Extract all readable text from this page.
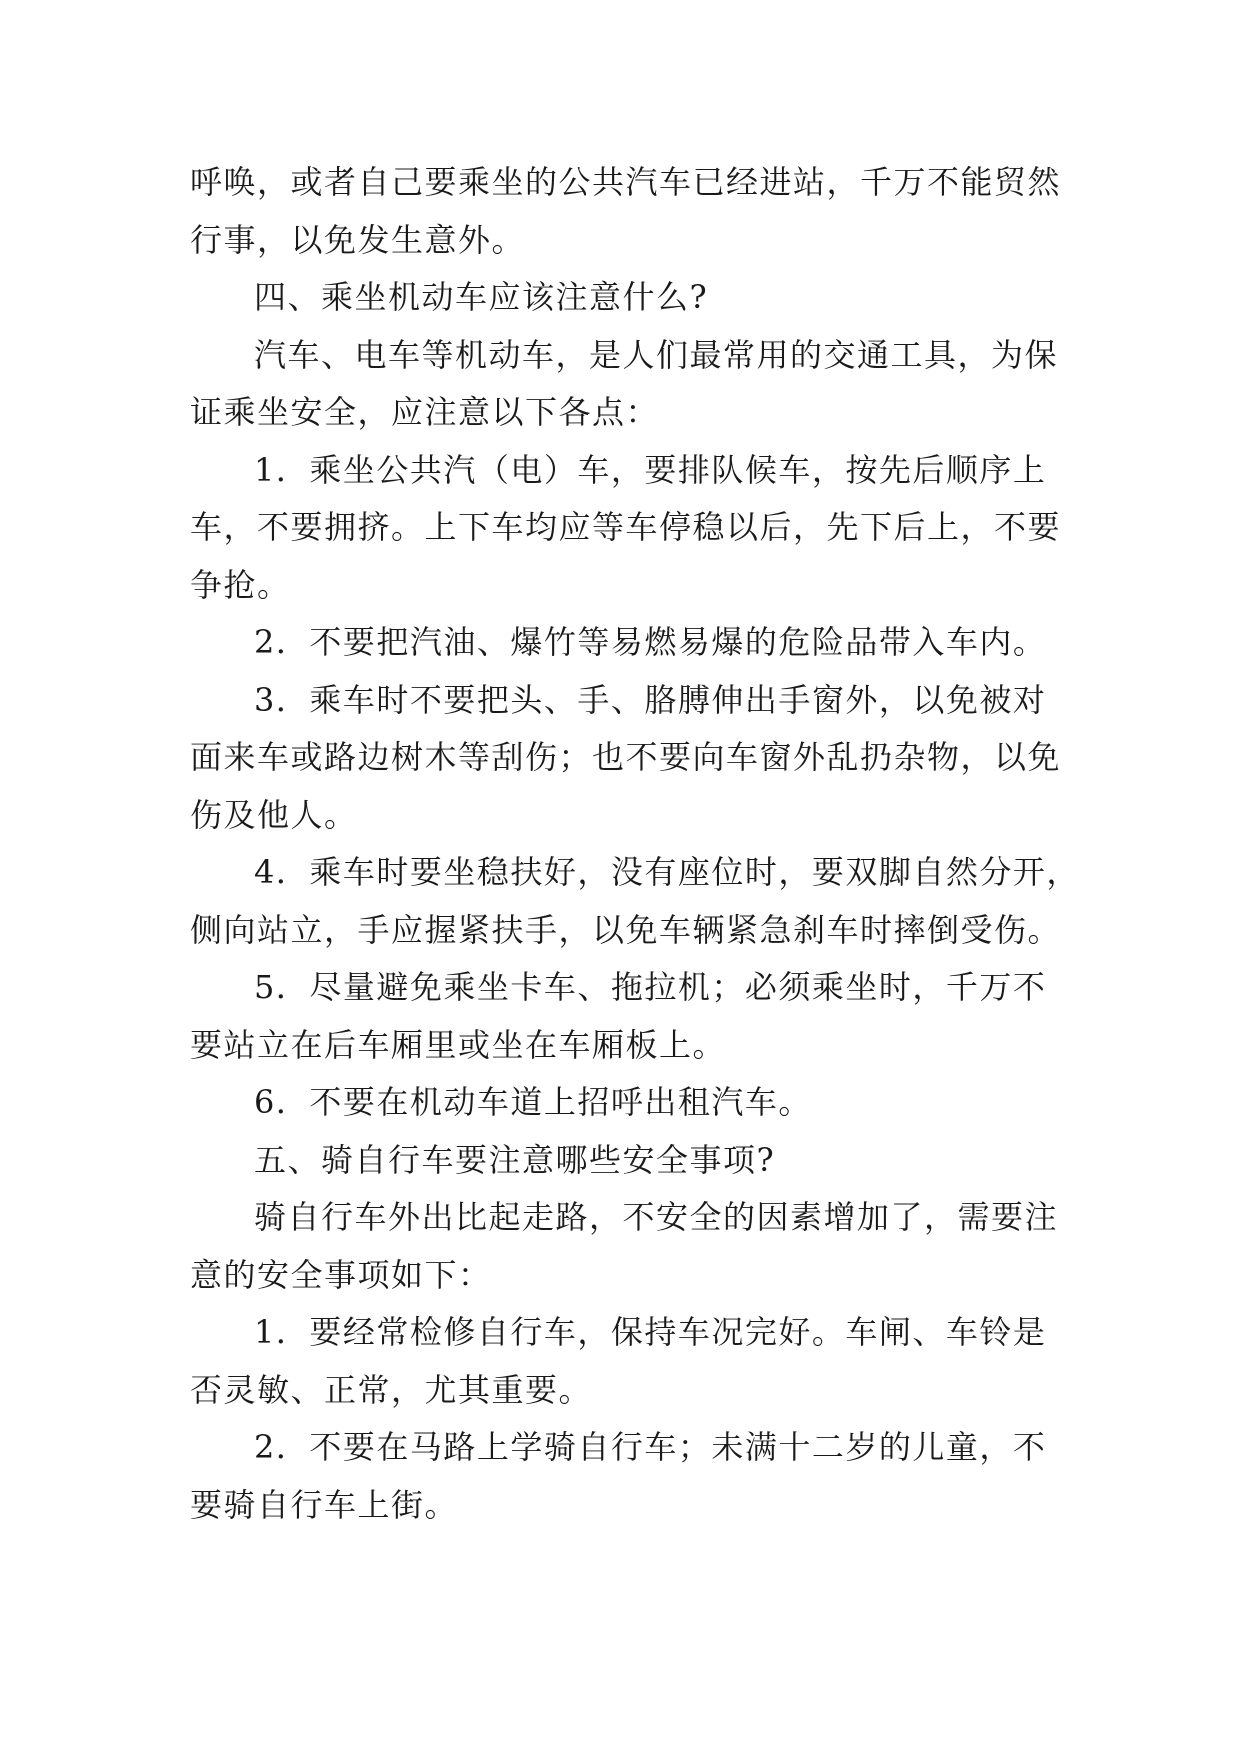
呼唤，或者自己要乘坐的公共汽车已经进站，千万不能贸然
行事，以免发生意外。
四、乘坐机动车应该注意什么?
汽车、电车等机动车，是人们最常用的交通工具，为保
证乘坐安全，应注意以下各点：
1．乘坐公共汽（电）车，要排队候车，按先后顺序上
车，不要拥挤。上下车均应等车停稳以后，先下后上，不要
争抢。
2．不要把汽油、爆竹等易燃易爆的危险品带入车内。
3．乘车时不要把头、手、胳膊伸出手窗外，以免被对
面来车或路边树木等刮伤；也不要向车窗外乱扔杂物，以免
伤及他人。
4．乘车时要坐稳扶好，没有座位时，要双脚自然分开，
侧向站立，手应握紧扶手，以免车辆紧急刹车时摔倒受伤。
5．尽量避免乘坐卡车、拖拉机；必须乘坐时，千万不
要站立在后车厢里或坐在车厢板上。
6．不要在机动车道上招呼出租汽车。
五、骑自行车要注意哪些安全事项?
骑自行车外出比起走路，不安全的因素增加了，需要注
意的安全事项如下：
1．要经常检修自行车，保持车况完好。车闸、车铃是
否灵敏、正常，尤其重要。
2．不要在马路上学骑自行车；未满十二岁的儿童，不
要骑自行车上街。
